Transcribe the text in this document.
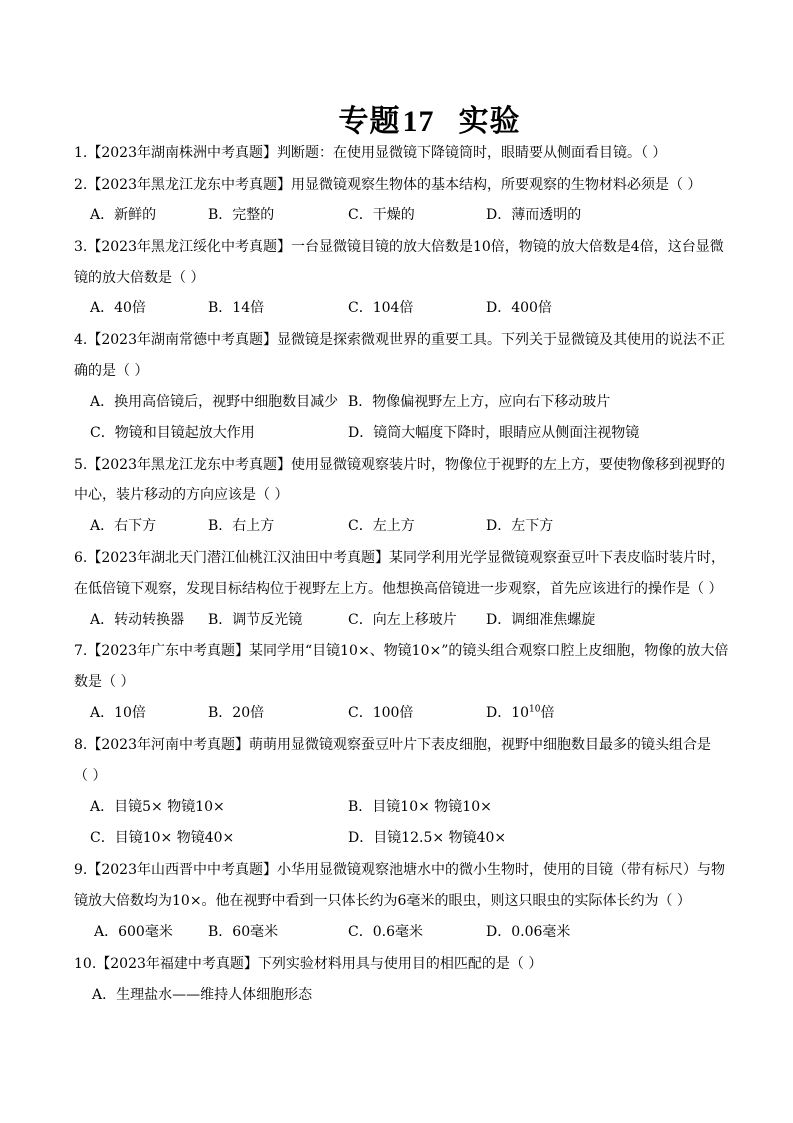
专题17 实验
1.【2023年湖南株洲中考真题】判断题：在使用显微镜下降镜筒时，眼睛要从侧面看目镜。（ ）
2.【2023年黑龙江龙东中考真题】用显微镜观察生物体的基本结构，所要观察的生物材料必须是（ ）
A．新鲜的	B．完整的	C．干燥的	D．薄而透明的
3.【2023年黑龙江绥化中考真题】一台显微镜目镜的放大倍数是10倍，物镜的放大倍数是4倍，这台显微
镜的放大倍数是（ ）
A．40倍	B．14倍	C．104倍	D．400倍
4.【2023年湖南常德中考真题】显微镜是探索微观世界的重要工具。下列关于显微镜及其使用的说法不正
确的是（ ）
A．换用高倍镜后，视野中细胞数目减少 B．物像偏视野左上方，应向右下移动玻片
C．物镜和目镜起放大作用	D．镜筒大幅度下降时，眼睛应从侧面注视物镜
5.【2023年黑龙江龙东中考真题】使用显微镜观察装片时，物像位于视野的左上方，要使物像移到视野的
中心，装片移动的方向应该是（ ）
A．右下方	B．右上方	C．左上方	D．左下方
6.【2023年湖北天门潜江仙桃江汉油田中考真题】某同学利用光学显微镜观察蚕豆叶下表皮临时装片时，
在低倍镜下观察，发现目标结构位于视野左上方。他想换高倍镜进一步观察，首先应该进行的操作是（ ）
A．转动转换器 B．调节反光镜	C．向左上移玻片 D．调细准焦螺旋
7.【2023年广东中考真题】某同学用“目镜10×、物镜10×”的镜头组合观察口腔上皮细胞，物像的放大倍
数是（ ）
A．10倍	B．20倍	C．100倍	D．$10^{10}$倍
8.【2023年河南中考真题】萌萌用显微镜观察蚕豆叶片下表皮细胞，视野中细胞数目最多的镜头组合是
（ ）
A．目镜5× 物镜10×	B．目镜10× 物镜10×
C．目镜10× 物镜40×	D．目镜12.5× 物镜40×
9.【2023年山西晋中中考真题】小华用显微镜观察池塘水中的微小生物时，使用的目镜（带有标尺）与物
镜放大倍数均为10×。他在视野中看到一只体长约为6毫米的眼虫，则这只眼虫的实际体长约为（ ）
A．600毫米	B．60毫米	C．0.6毫米	D．0.06毫米
10.【2023年福建中考真题】下列实验材料用具与使用目的相匹配的是（ ）
A．生理盐水——维持人体细胞形态
